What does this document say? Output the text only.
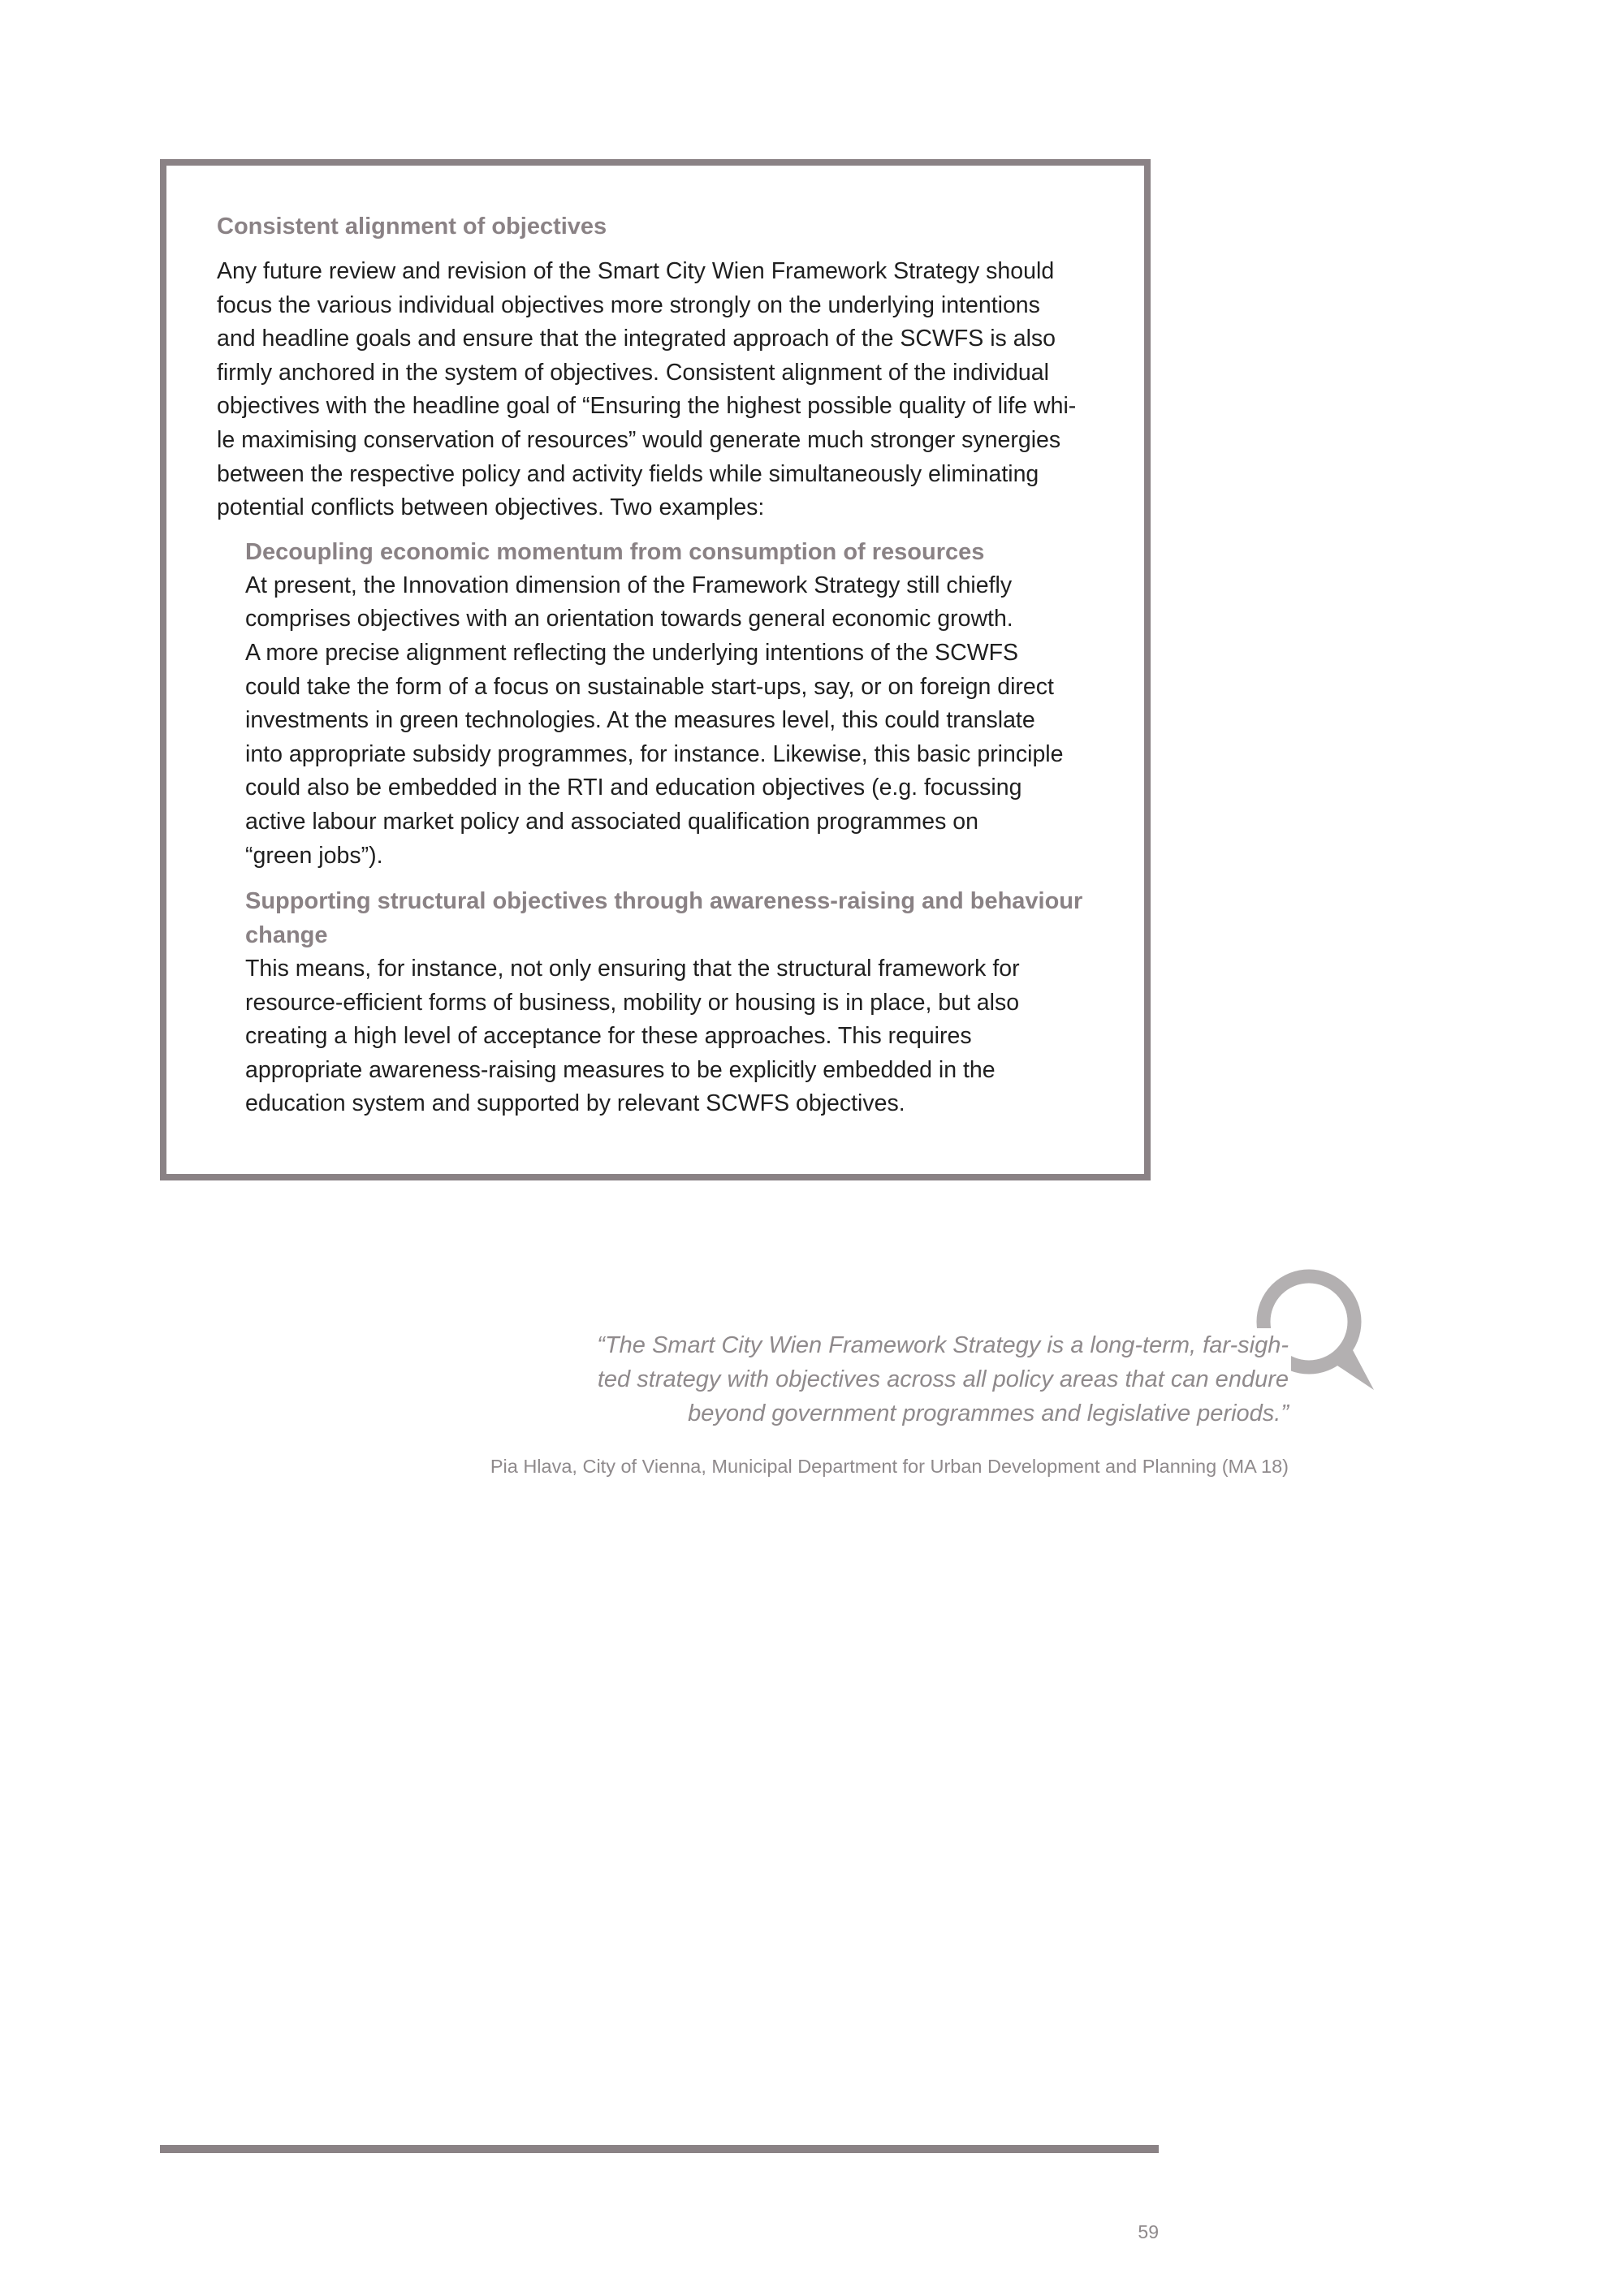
Consistent alignment of objectives

Any future review and revision of the Smart City Wien Framework Strategy should
focus the various individual objectives more strongly on the underlying intentions
and headline goals and ensure that the integrated approach of the SCWFS is also
firmly anchored in the system of objectives. Consistent alignment of the individual
objectives with the headline goal of “Ensuring the highest possible quality of life whi-
le maximising conservation of resources” would generate much stronger synergies
between the respective policy and activity fields while simultaneously eliminating
potential conflicts between objectives. Two examples:

Decoupling economic momentum from consumption of resources

At present, the Innovation dimension of the Framework Strategy still chiefly
comprises objectives with an orientation towards general economic growth.
A more precise alignment reflecting the underlying intentions of the SCWFS
could take the form of a focus on sustainable start-ups, say, or on foreign direct
investments in green technologies. At the measures level, this could translate
into appropriate subsidy programmes, for instance. Likewise, this basic principle
could also be embedded in the RTI and education objectives (e.g. focussing
active labour market policy and associated qualification programmes on
“green jobs”).

Supporting structural objectives through awareness-raising and behaviour change

This means, for instance, not only ensuring that the structural framework for
resource-efficient forms of business, mobility or housing is in place, but also
creating a high level of acceptance for these approaches. This requires
appropriate awareness-raising measures to be explicitly embedded in the
education system and supported by relevant SCWFS objectives.

“The Smart City Wien Framework Strategy is a long-term, far-sigh-
ted strategy with objectives across all policy areas that can endure
beyond government programmes and legislative periods.”
Pia Hlava, City of Vienna, Municipal Department for Urban Development and Planning (MA 18)
59
